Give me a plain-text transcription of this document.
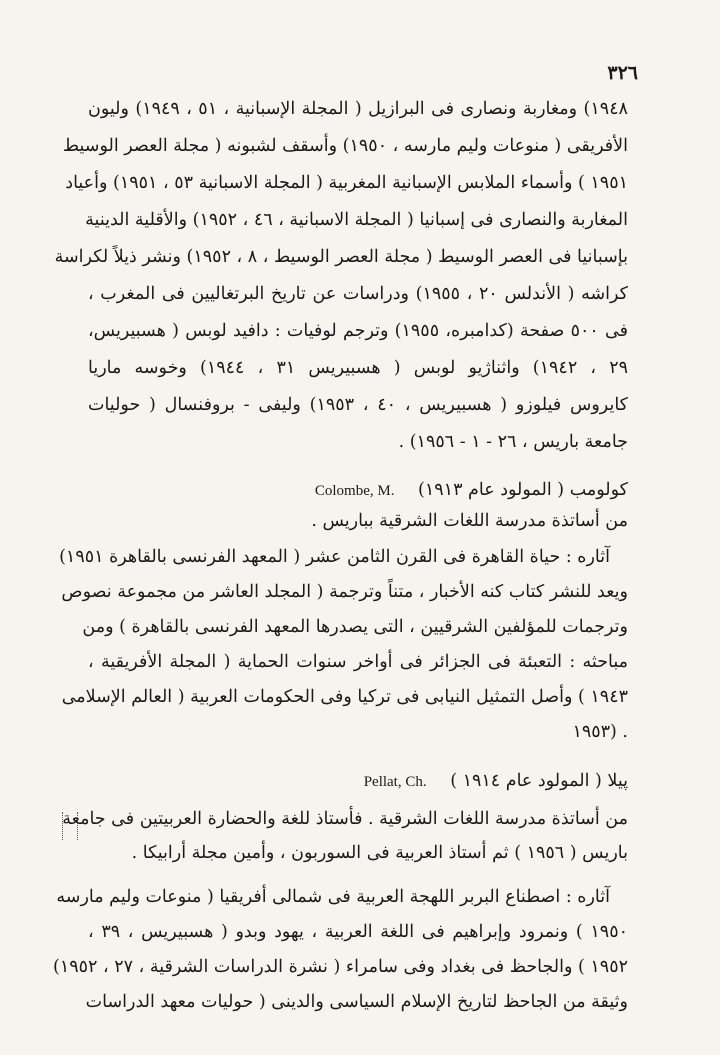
٣٢٦
١٩٤٨) ومغاربة ونصارى فى البرازيل ( المجلة الإسبانية ، ٥١ ، ١٩٤٩) وليون
الأفريقى ( منوعات وليم مارسه ، ١٩٥٠) وأسقف لشبونه ( مجلة العصر الوسيط
١٩٥١ ) وأسماء الملابس الإسبانية المغربية ( المجلة الاسبانية ٥٣ ، ١٩٥١) وأعياد
المغاربة والنصارى فى إسبانيا ( المجلة الاسبانية ، ٤٦ ، ١٩٥٢) والأقلية الدينية
بإسبانيا فى العصر الوسيط ( مجلة العصر الوسيط ، ٨ ، ١٩٥٢) ونشر ذيلاً لكراسة
كراشه ( الأندلس ٢٠ ، ١٩٥٥) ودراسات عن تاريخ البرتغاليين فى المغرب ،
فى ٥٠٠ صفحة (كدامبره، ١٩٥٥) وترجم لوفيات : دافيد لوبس ( هسبيريس،
٢٩ ، ١٩٤٢) واثناژيو لوبس ( هسبيريس ٣١ ، ١٩٤٤) وخوسه ماريا
كايروس فيلوزو ( هسبيريس ، ٤٠ ، ١٩٥٣) وليفى - بروفنسال ( حوليات
جامعة باريس ، ٢٦ - ١ - ١٩٥٦) .
كولومب ( المولود عام ١٩١٣) Colombe, M.
من أساتذة مدرسة اللغات الشرقية بباريس .
آثاره : حياة القاهرة فى القرن الثامن عشر ( المعهد الفرنسى بالقاهرة ١٩٥١)
ويعد للنشر كتاب كنه الأخبار ، متناً وترجمة ( المجلد العاشر من مجموعة نصوص
وترجمات للمؤلفين الشرقيين ، التى يصدرها المعهد الفرنسى بالقاهرة ) ومن
مباحثه : التعبئة فى الجزائر فى أواخر سنوات الحماية ( المجلة الأفريقية ،
١٩٤٣ ) وأصل التمثيل النيابى فى تركيا وفى الحكومات العربية ( العالم الإسلامى
. (١٩٥٣
پيلا ( المولود عام ١٩١٤ ) Pellat, Ch.
من أساتذة مدرسة اللغات الشرقية . فأستاذ للغة والحضارة العربيتين فى جامعة
باريس ( ١٩٥٦ ) ثم أستاذ العربية فى السوربون ، وأمين مجلة أرابيكا .
آثاره : اصطناع البربر اللهجة العربية فى شمالى أفريقيا ( منوعات وليم مارسه
١٩٥٠ ) ونمرود وإبراهيم فى اللغة العربية ، يهود وبدو ( هسبيريس ، ٣٩ ،
١٩٥٢ ) والجاحظ فى بغداد وفى سامراء ( نشرة الدراسات الشرقية ، ٢٧ ، ١٩٥٢)
وثيقة من الجاحظ لتاريخ الإسلام السياسى والدينى ( حوليات معهد الدراسات
